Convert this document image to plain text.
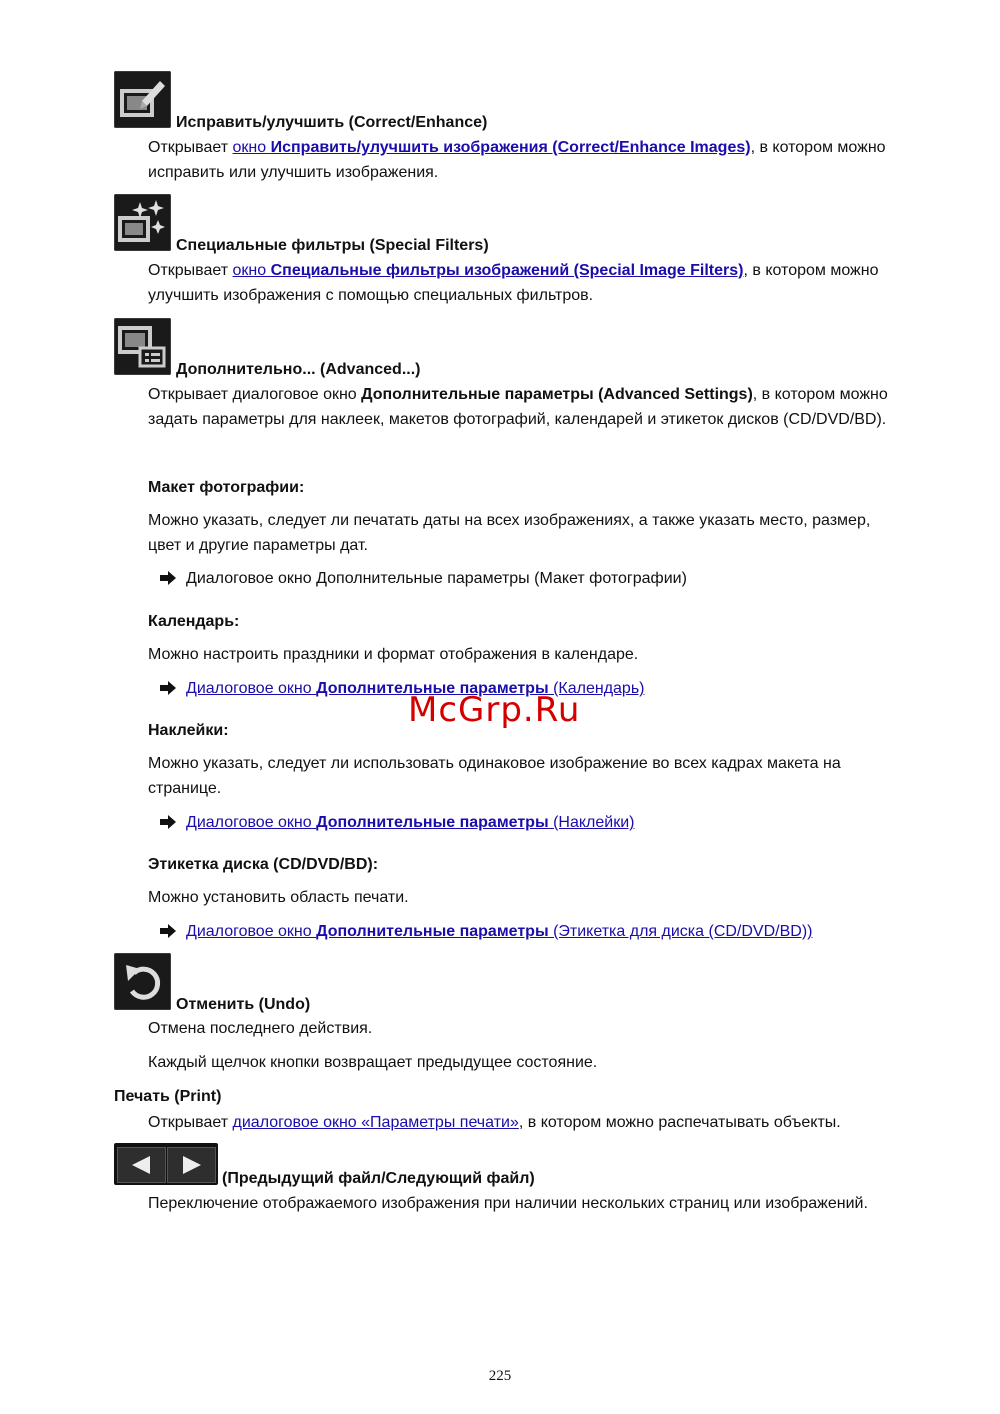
Исправить/улучшить (Correct/Enhance)
Открывает окно Исправить/улучшить изображения (Correct/Enhance Images), в котором можно исправить или улучшить изображения.
Специальные фильтры (Special Filters)
Открывает окно Специальные фильтры изображений (Special Image Filters), в котором можно улучшить изображения с помощью специальных фильтров.
Дополнительно... (Advanced...)
Открывает диалоговое окно Дополнительные параметры (Advanced Settings), в котором можно задать параметры для наклеек, макетов фотографий, календарей и этикеток дисков (CD/DVD/BD).
Макет фотографии:
Можно указать, следует ли печатать даты на всех изображениях, а также указать место, размер, цвет и другие параметры дат.
Диалоговое окно Дополнительные параметры (Макет фотографии)
Календарь:
Можно настроить праздники и формат отображения в календаре.
Диалоговое окно Дополнительные параметры (Календарь)
Наклейки:
Можно указать, следует ли использовать одинаковое изображение во всех кадрах макета на странице.
Диалоговое окно Дополнительные параметры (Наклейки)
Этикетка диска (CD/DVD/BD):
Можно установить область печати.
Диалоговое окно Дополнительные параметры (Этикетка для диска (CD/DVD/BD))
Отменить (Undo)
Отмена последнего действия.
Каждый щелчок кнопки возвращает предыдущее состояние.
Печать (Print)
Открывает диалоговое окно «Параметры печати», в котором можно распечатывать объекты.
(Предыдущий файл/Следующий файл)
Переключение отображаемого изображения при наличии нескольких страниц или изображений.
McGrp.Ru
225
